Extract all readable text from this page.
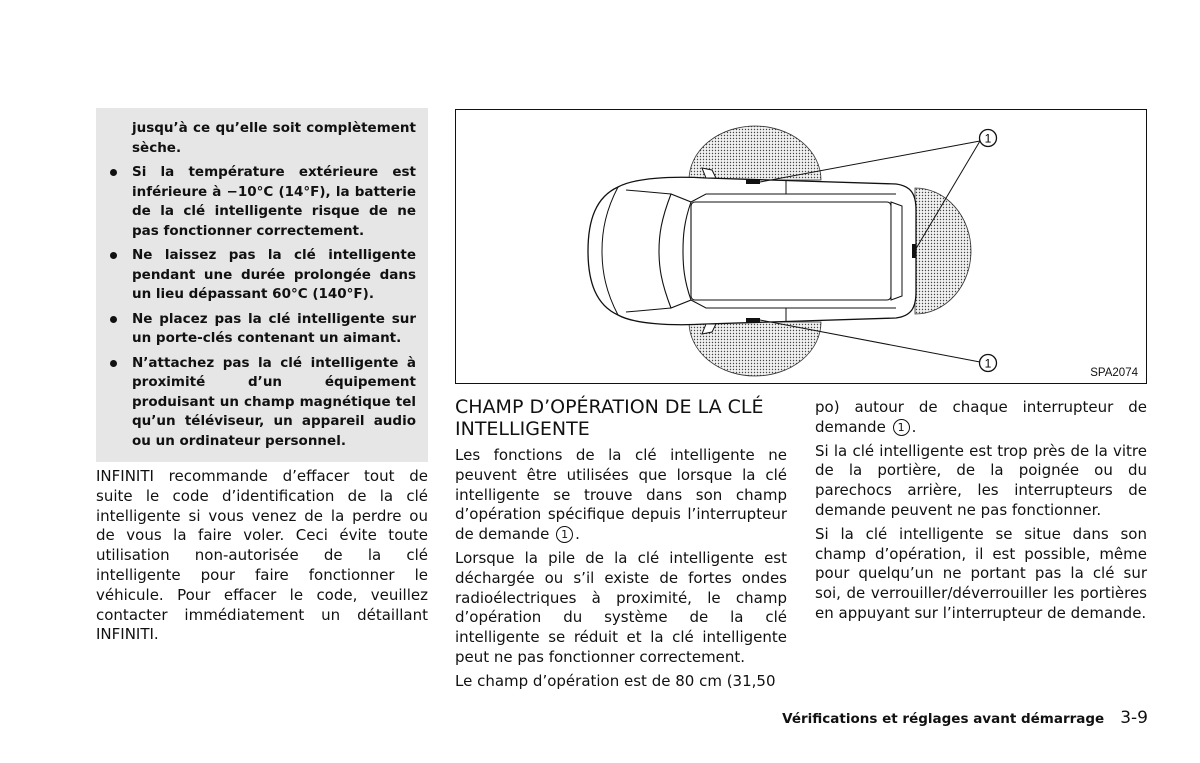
jusqu’à ce qu’elle soit complètement sèche.
Si la température extérieure est inférieure à −10°C (14°F), la batterie de la clé intelligente risque de ne pas fonctionner correctement.
Ne laissez pas la clé intelligente pendant une durée prolongée dans un lieu dépassant 60°C (140°F).
Ne placez pas la clé intelligente sur un porte-clés contenant un aimant.
N’attachez pas la clé intelligente à proximité d’un équipement produisant un champ magnétique tel qu’un téléviseur, un appareil audio ou un ordinateur personnel.

INFINITI recommande d’effacer tout de suite le code d’identification de la clé intelligente si vous venez de la perdre ou de vous la faire voler. Ceci évite toute utilisation non-autorisée de la clé intelligente pour faire fonctionner le véhicule. Pour effacer le code, veuillez contacter immédiatement un détaillant INFINITI.

1
1
SPA2074
CHAMP D’OPÉRATION DE LA CLÉ INTELLIGENTE

Les fonctions de la clé intelligente ne peuvent être utilisées que lorsque la clé intelligente se trouve dans son champ d’opération spécifique depuis l’interrupteur de demande 1 .

Lorsque la pile de la clé intelligente est déchargée ou s’il existe de fortes ondes radioélectriques à proximité, le champ d’opération du système de la clé intelligente se réduit et la clé intelligente peut ne pas fonctionner correctement.

Le champ d’opération est de 80 cm (31,50

po) autour de chaque interrupteur de demande 1 .

Si la clé intelligente est trop près de la vitre de la portière, de la poignée ou du parechocs arrière, les interrupteurs de demande peuvent ne pas fonctionner.

Si la clé intelligente se situe dans son champ d’opération, il est possible, même pour quelqu’un ne portant pas la clé sur soi, de verrouiller/déverrouiller les portières en appuyant sur l’interrupteur de demande.

Vérifications et réglages avant démarrage 3-9
